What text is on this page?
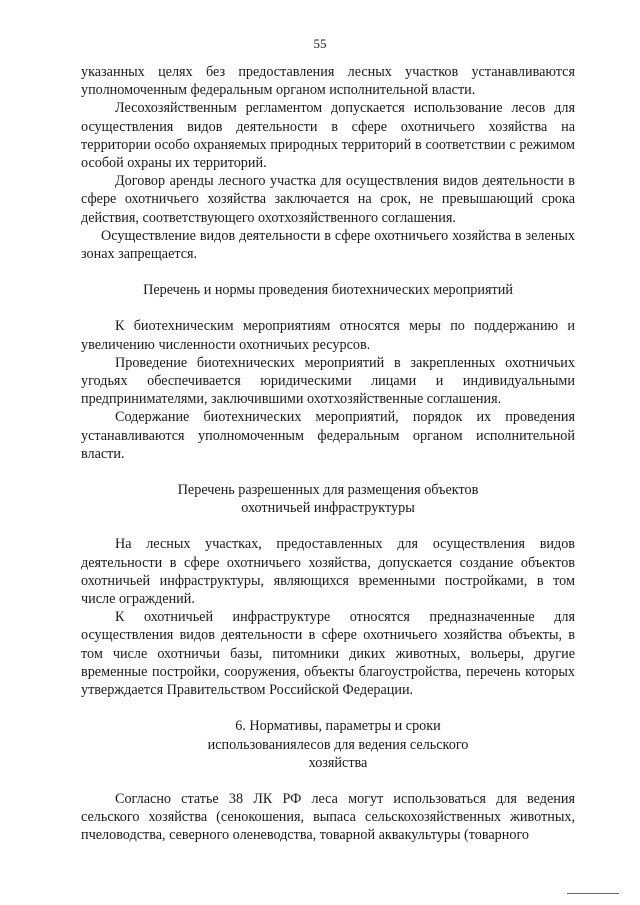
55

указанных целях без предоставления лесных участков устанавливаются уполномоченным федеральным органом исполнительной власти.

Лесохозяйственным регламентом допускается использование лесов для осуществления видов деятельности в сфере охотничьего хозяйства на территории особо охраняемых природных территорий в соответствии с режимом особой охраны их территорий.

Договор аренды лесного участка для осуществления видов деятельности в сфере охотничьего хозяйства заключается на срок, не превышающий срока действия, соответствующего охотхозяйственного соглашения.

Осуществление видов деятельности в сфере охотничьего хозяйства в зеленых зонах запрещается.

Перечень и нормы проведения биотехнических мероприятий

К биотехническим мероприятиям относятся меры по поддержанию и увеличению численности охотничьих ресурсов.

Проведение биотехнических мероприятий в закрепленных охотничьих угодьях обеспечивается юридическими лицами и индивидуальными предпринимателями, заключившими охотхозяйственные соглашения.

Содержание биотехнических мероприятий, порядок их проведения устанавливаются уполномоченным федеральным органом исполнительной власти.

Перечень разрешенных для размещения объектов
охотничьей инфраструктуры

На лесных участках, предоставленных для осуществления видов деятельности в сфере охотничьего хозяйства, допускается создание объектов охотничьей инфраструктуры, являющихся временными постройками, в том числе ограждений.

К охотничьей инфраструктуре относятся предназначенные для осуществления видов деятельности в сфере охотничьего хозяйства объекты, в том числе охотничьи базы, питомники диких животных, вольеры, другие временные постройки, сооружения, объекты благоустройства, перечень которых утверждается Правительством Российской Федерации.

6. Нормативы, параметры и сроки
использованиялесов для ведения сельского
хозяйства

Согласно статье 38 ЛК РФ леса могут использоваться для ведения сельского хозяйства (сенокошения, выпаса сельскохозяйственных животных, пчеловодства, северного оленеводства, товарной аквакультуры (товарного
